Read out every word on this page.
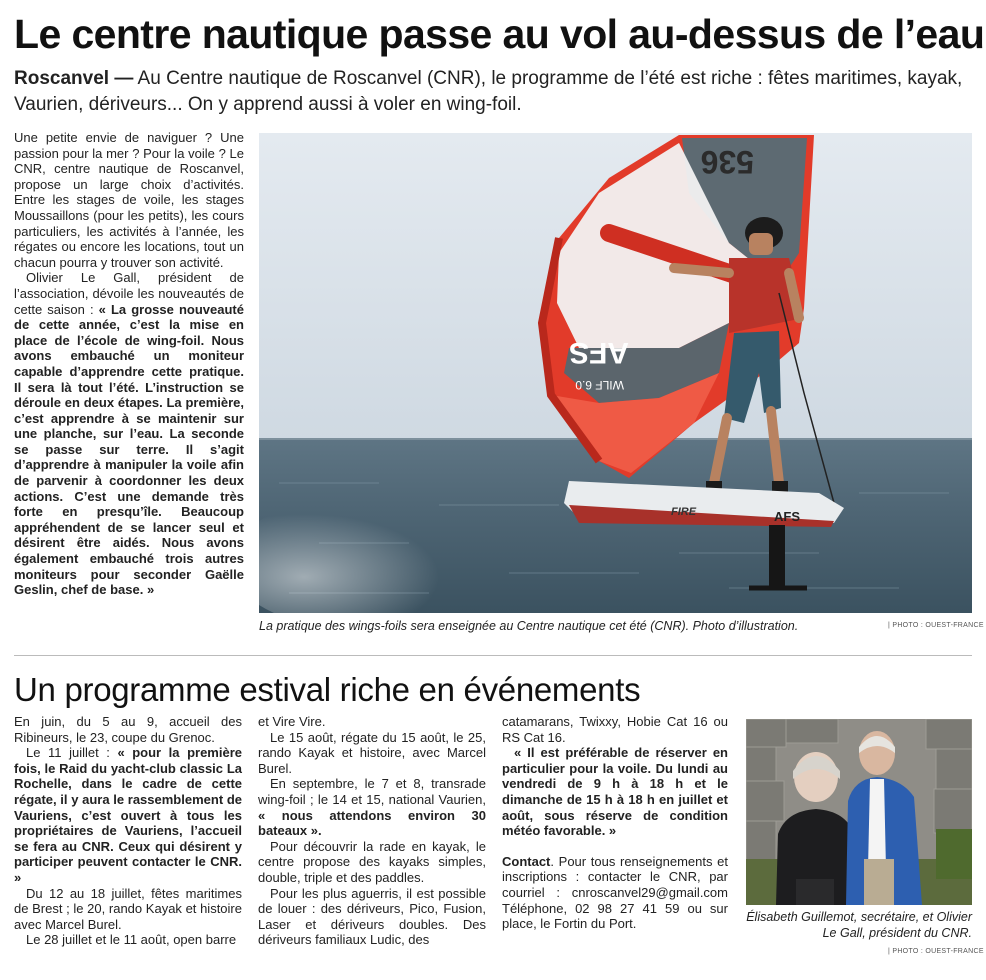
Le centre nautique passe au vol au-dessus de l’eau
Roscanvel — Au Centre nautique de Roscanvel (CNR), le programme de l’été est riche : fêtes maritimes, kayak, Vaurien, dériveurs... On y apprend aussi à voler en wing-foil.

Une petite envie de naviguer ? Une passion pour la mer ? Pour la voile ? Le CNR, centre nautique de Roscanvel, propose un large choix d’activités. Entre les stages de voile, les stages Moussaillons (pour les petits), les cours particuliers, les activités à l’année, les régates ou encore les locations, tout un chacun pourra y trouver son activité.

Olivier Le Gall, président de l’association, dévoile les nouveautés de cette saison : « La grosse nouveauté de cette année, c’est la mise en place de l’école de wing-foil. Nous avons embauché un moniteur capable d’apprendre cette pratique. Il sera là tout l’été. L’instruction se déroule en deux étapes. La première, c’est apprendre à se maintenir sur une planche, sur l’eau. La seconde se passe sur terre. Il s’agit d’apprendre à manipuler la voile afin de parvenir à coordonner les deux actions. C’est une demande très forte en presqu’île. Beaucoup appréhendent de se lancer seul et désirent être aidés. Nous avons également embauché trois autres moniteurs pour seconder Gaëlle Geslin, chef de base. »

536
AFS
WILF 6.0
FIRE	AFS
La pratique des wings-foils sera enseignée au Centre nautique cet été (CNR). Photo d’illustration.	| PHOTO : OUEST-FRANCE
Un programme estival riche en événements

En juin, du 5 au 9, accueil des Ribineurs, le 23, coupe du Grenoc.

Le 11 juillet : « pour la première fois, le Raid du yacht-club classic La Rochelle, dans le cadre de cette régate, il y aura le rassemblement de Vauriens, c’est ouvert à tous les propriétaires de Vauriens, l’accueil se fera au CNR. Ceux qui désirent y participer peuvent contacter le CNR. »

Du 12 au 18 juillet, fêtes maritimes de Brest ; le 20, rando Kayak et histoire avec Marcel Burel.

Le 28 juillet et le 11 août, open barre

et Vire Vire.

Le 15 août, régate du 15 août, le 25, rando Kayak et histoire, avec Marcel Burel.

En septembre, le 7 et 8, transrade wing-foil ; le 14 et 15, national Vaurien, « nous attendons environ 30 bateaux ».

Pour découvrir la rade en kayak, le centre propose des kayaks simples, double, triple et des paddles.

Pour les plus aguerris, il est possible de louer : des dériveurs, Pico, Fusion, Laser et dériveurs doubles. Des dériveurs familiaux Ludic, des

catamarans, Twixxy, Hobie Cat 16 ou RS Cat 16.

« Il est préférable de réserver en particulier pour la voile. Du lundi au vendredi de 9 h à 18 h et le dimanche de 15 h à 18 h en juillet et août, sous réserve de condition météo favorable. »

Contact. Pour tous renseignements et inscriptions : contacter le CNR, par courriel : cnroscanvel29@gmail.com Téléphone, 02 98 27 41 59 ou sur place, le Fortin du Port.	Élisabeth Guillemot, secrétaire, et Olivier Le Gall, président du CNR.
| PHOTO : OUEST-FRANCE
